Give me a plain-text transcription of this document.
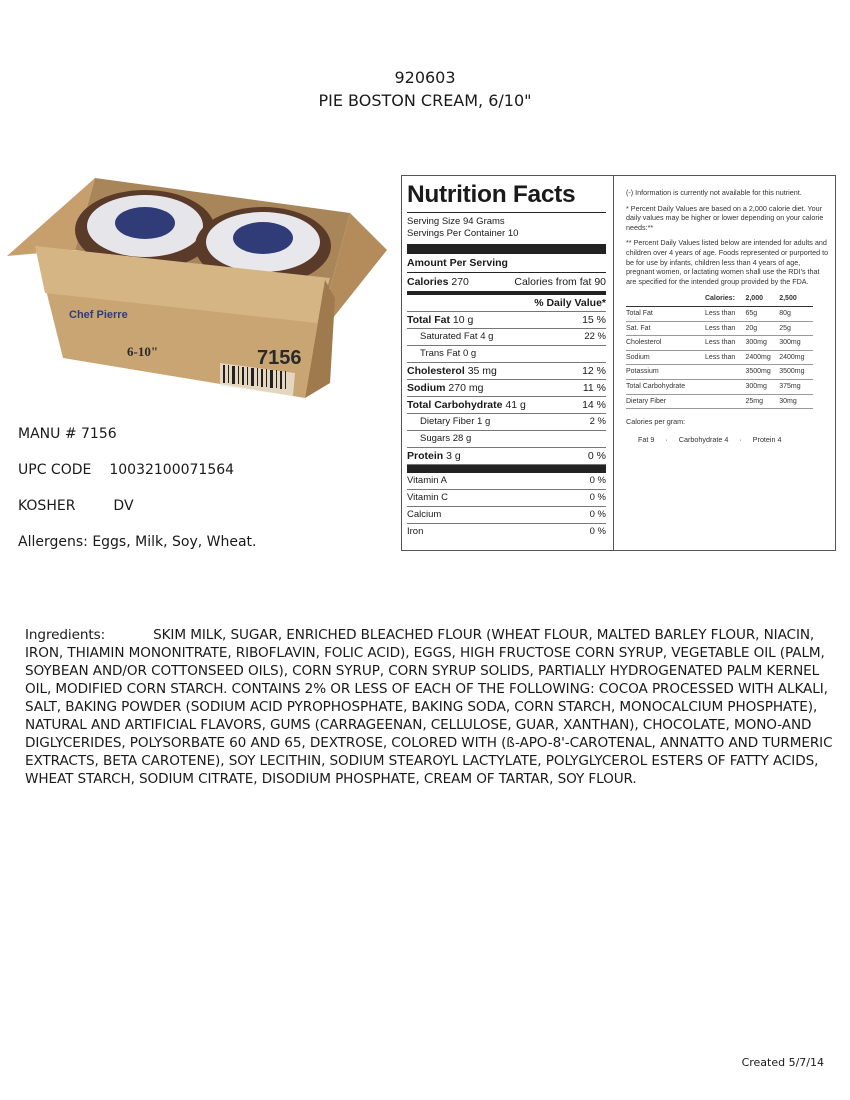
920603
PIE BOSTON CREAM, 6/10"
7156
6-10"
Chef Pierre
MANU # 7156
UPC CODE 10032100071564
KOSHER	DV
Allergens: Eggs, Milk, Soy, Wheat.
Nutrition Facts
Serving Size 94 Grams
Servings Per Container 10
Amount Per Serving
Calories 270	Calories from fat 90
% Daily Value*
Total Fat 10 g	15 %
Saturated Fat 4 g	22 %
Trans Fat 0 g
Cholesterol 35 mg	12 %
Sodium 270 mg	11 %
Total Carbohydrate 41 g	14 %
Dietary Fiber 1 g	2 %
Sugars 28 g
Protein 3 g	0 %
Vitamin A	0 %
Vitamin C	0 %
Calcium	0 %
Iron	0 %

(-) Information is currently not available for this nutrient.

* Percent Daily Values are based on a 2,000 calorie diet. Your daily values may be higher or lower depending on your calorie needs:**

** Percent Daily Values listed below are intended for adults and children over 4 years of age. Foods represented or purported to be for use by infants, children less than 4 years of age, pregnant women, or lactating women shall use the RDI's that are specified for the intended group provided by the FDA.

	Calories:	2,000	2,500
Total Fat	Less than	65g	80g
Sat. Fat	Less than	20g	25g
Cholesterol	Less than	300mg	300mg
Sodium	Less than	2400mg	2400mg
Potassium		3500mg	3500mg
Total Carbohydrate		300mg	375mg
Dietary Fiber		25mg	30mg
Calories per gram:
Fat 9 · Carbohydrate 4 · Protein 4
Ingredients:	SKIM MILK, SUGAR, ENRICHED BLEACHED FLOUR (WHEAT FLOUR, MALTED BARLEY FLOUR, NIACIN, IRON, THIAMIN MONONITRATE, RIBOFLAVIN, FOLIC ACID), EGGS, HIGH FRUCTOSE CORN SYRUP, VEGETABLE OIL (PALM, SOYBEAN AND/OR COTTONSEED OILS), CORN SYRUP, CORN SYRUP SOLIDS, PARTIALLY HYDROGENATED PALM KERNEL OIL, MODIFIED CORN STARCH. CONTAINS 2% OR LESS OF EACH OF THE FOLLOWING: COCOA PROCESSED WITH ALKALI, SALT, BAKING POWDER (SODIUM ACID PYROPHOSPHATE, BAKING SODA, CORN STARCH, MONOCALCIUM PHOSPHATE), NATURAL AND ARTIFICIAL FLAVORS, GUMS (CARRAGEENAN, CELLULOSE, GUAR, XANTHAN), CHOCOLATE, MONO-AND DIGLYCERIDES, POLYSORBATE 60 AND 65, DEXTROSE, COLORED WITH (ß-APO-8'-CAROTENAL, ANNATTO AND TURMERIC EXTRACTS, BETA CAROTENE), SOY LECITHIN, SODIUM STEAROYL LACTYLATE, POLYGLYCEROL ESTERS OF FATTY ACIDS, WHEAT STARCH, SODIUM CITRATE, DISODIUM PHOSPHATE, CREAM OF TARTAR, SOY FLOUR.
Created 5/7/14
